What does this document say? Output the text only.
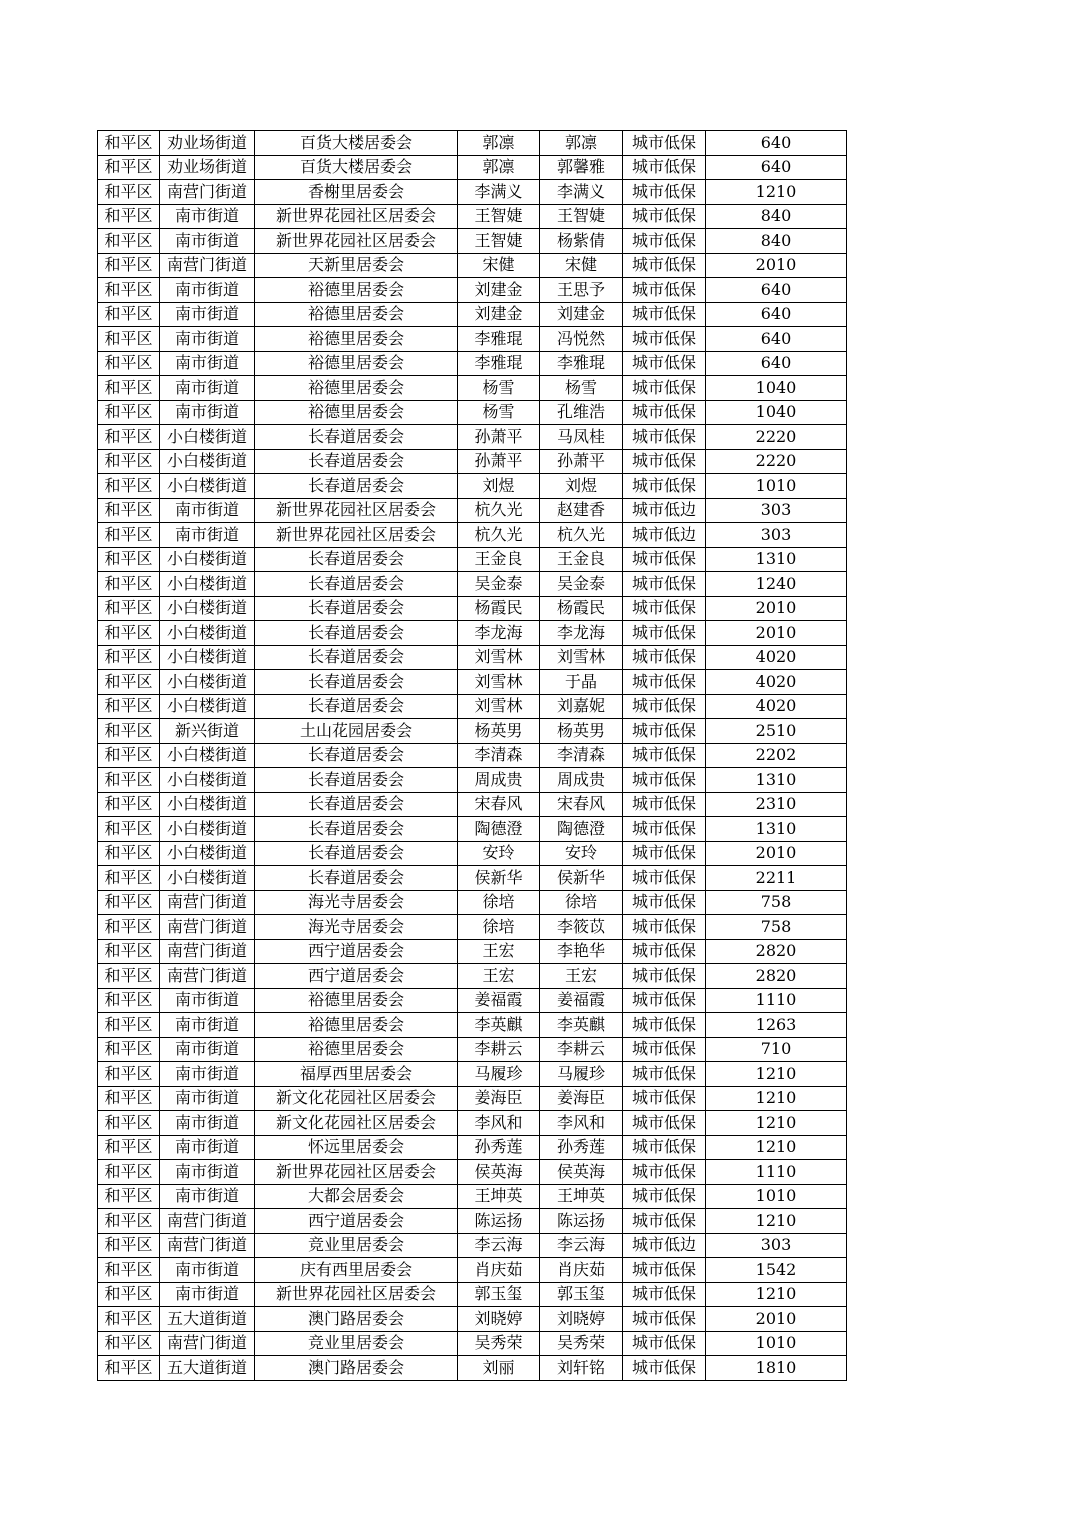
和平区	劝业场街道	百货大楼居委会	郭凛	郭凛	城市低保	640
和平区	劝业场街道	百货大楼居委会	郭凛	郭馨雅	城市低保	640
和平区	南营门街道	香榭里居委会	李满义	李满义	城市低保	1210
和平区	南市街道	新世界花园社区居委会	王智婕	王智婕	城市低保	840
和平区	南市街道	新世界花园社区居委会	王智婕	杨紫倩	城市低保	840
和平区	南营门街道	天新里居委会	宋健	宋健	城市低保	2010
和平区	南市街道	裕德里居委会	刘建金	王思予	城市低保	640
和平区	南市街道	裕德里居委会	刘建金	刘建金	城市低保	640
和平区	南市街道	裕德里居委会	李雅琨	冯悦然	城市低保	640
和平区	南市街道	裕德里居委会	李雅琨	李雅琨	城市低保	640
和平区	南市街道	裕德里居委会	杨雪	杨雪	城市低保	1040
和平区	南市街道	裕德里居委会	杨雪	孔维浩	城市低保	1040
和平区	小白楼街道	长春道居委会	孙萧平	马凤桂	城市低保	2220
和平区	小白楼街道	长春道居委会	孙萧平	孙萧平	城市低保	2220
和平区	小白楼街道	长春道居委会	刘煜	刘煜	城市低保	1010
和平区	南市街道	新世界花园社区居委会	杭久光	赵建香	城市低边	303
和平区	南市街道	新世界花园社区居委会	杭久光	杭久光	城市低边	303
和平区	小白楼街道	长春道居委会	王金良	王金良	城市低保	1310
和平区	小白楼街道	长春道居委会	吴金泰	吴金泰	城市低保	1240
和平区	小白楼街道	长春道居委会	杨霞民	杨霞民	城市低保	2010
和平区	小白楼街道	长春道居委会	李龙海	李龙海	城市低保	2010
和平区	小白楼街道	长春道居委会	刘雪林	刘雪林	城市低保	4020
和平区	小白楼街道	长春道居委会	刘雪林	于晶	城市低保	4020
和平区	小白楼街道	长春道居委会	刘雪林	刘嘉妮	城市低保	4020
和平区	新兴街道	土山花园居委会	杨英男	杨英男	城市低保	2510
和平区	小白楼街道	长春道居委会	李清森	李清森	城市低保	2202
和平区	小白楼街道	长春道居委会	周成贵	周成贵	城市低保	1310
和平区	小白楼街道	长春道居委会	宋春风	宋春风	城市低保	2310
和平区	小白楼街道	长春道居委会	陶德澄	陶德澄	城市低保	1310
和平区	小白楼街道	长春道居委会	安玲	安玲	城市低保	2010
和平区	小白楼街道	长春道居委会	侯新华	侯新华	城市低保	2211
和平区	南营门街道	海光寺居委会	徐培	徐培	城市低保	758
和平区	南营门街道	海光寺居委会	徐培	李筱苡	城市低保	758
和平区	南营门街道	西宁道居委会	王宏	李艳华	城市低保	2820
和平区	南营门街道	西宁道居委会	王宏	王宏	城市低保	2820
和平区	南市街道	裕德里居委会	姜福霞	姜福霞	城市低保	1110
和平区	南市街道	裕德里居委会	李英麒	李英麒	城市低保	1263
和平区	南市街道	裕德里居委会	李耕云	李耕云	城市低保	710
和平区	南市街道	福厚西里居委会	马履珍	马履珍	城市低保	1210
和平区	南市街道	新文化花园社区居委会	姜海臣	姜海臣	城市低保	1210
和平区	南市街道	新文化花园社区居委会	李风和	李风和	城市低保	1210
和平区	南市街道	怀远里居委会	孙秀莲	孙秀莲	城市低保	1210
和平区	南市街道	新世界花园社区居委会	侯英海	侯英海	城市低保	1110
和平区	南市街道	大都会居委会	王坤英	王坤英	城市低保	1010
和平区	南营门街道	西宁道居委会	陈运扬	陈运扬	城市低保	1210
和平区	南营门街道	竞业里居委会	李云海	李云海	城市低边	303
和平区	南市街道	庆有西里居委会	肖庆茹	肖庆茹	城市低保	1542
和平区	南市街道	新世界花园社区居委会	郭玉玺	郭玉玺	城市低保	1210
和平区	五大道街道	澳门路居委会	刘晓婷	刘晓婷	城市低保	2010
和平区	南营门街道	竞业里居委会	吴秀荣	吴秀荣	城市低保	1010
和平区	五大道街道	澳门路居委会	刘丽	刘轩铭	城市低保	1810
